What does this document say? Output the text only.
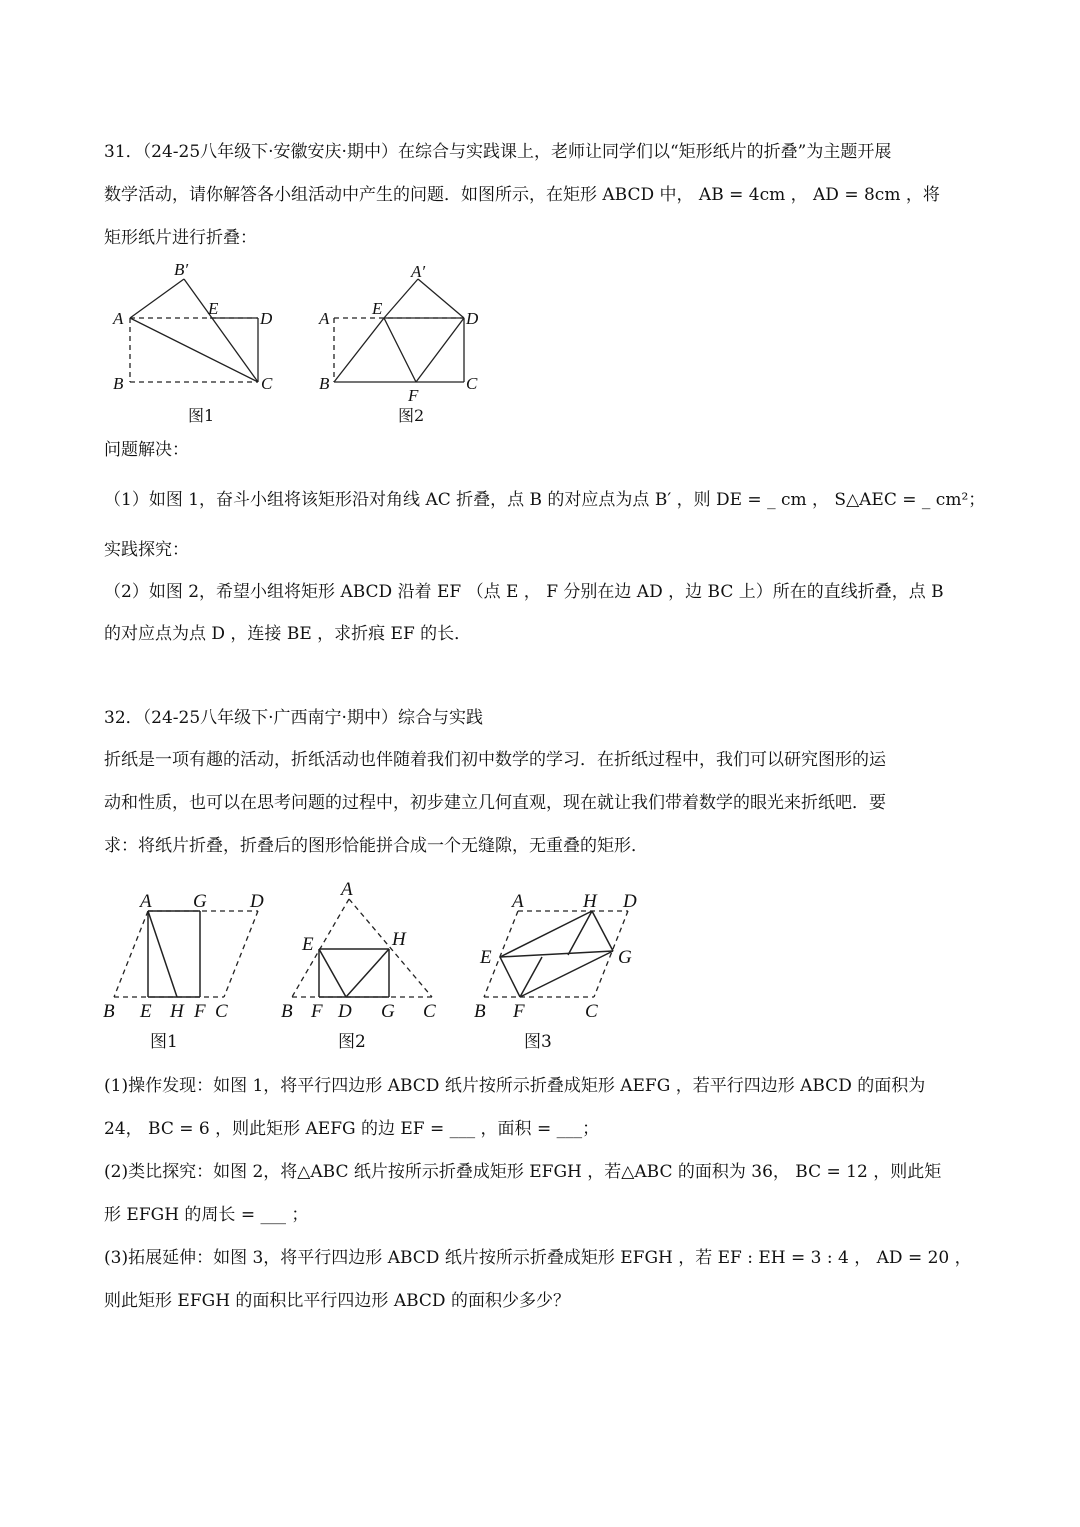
31．（24-25八年级下·安徽安庆·期中）在综合与实践课上，老师让同学们以“矩形纸片的折叠”为主题开展
数学活动，请你解答各小组活动中产生的问题．如图所示，在矩形 ABCD 中， AB = 4cm ， AD = 8cm ，将
矩形纸片进行折叠：
B′
A
E
D
B	C
图1
A′
A
E
D
B
F
C
图2
问题解决：
（1）如图 1，奋斗小组将该矩形沿对角线 AC 折叠，点 B 的对应点为点 B′ ，则 DE = _ cm ， S△AEC = _ cm²；
实践探究：
（2）如图 2，希望小组将矩形 ABCD 沿着 EF （点 E ， F 分别在边 AD ，边 BC 上）所在的直线折叠，点 B
的对应点为点 D ，连接 BE ，求折痕 EF 的长．
32．（24-25八年级下·广西南宁·期中）综合与实践
折纸是一项有趣的活动，折纸活动也伴随着我们初中数学的学习．在折纸过程中，我们可以研究图形的运
动和性质，也可以在思考问题的过程中，初步建立几何直观，现在就让我们带着数学的眼光来折纸吧．要
求：将纸片折叠，折叠后的图形恰能拼合成一个无缝隙，无重叠的矩形．
A G D
B E H F C
图1
A
E	H
B F D G C
图2
A	H D
E	G
B F	C
图3
(1)操作发现：如图 1，将平行四边形 ABCD 纸片按所示折叠成矩形 AEFG ，若平行四边形 ABCD 的面积为
24， BC = 6 ，则此矩形 AEFG 的边 EF = ___ ，面积 = ___；
(2)类比探究：如图 2，将△ABC 纸片按所示折叠成矩形 EFGH ，若△ABC 的面积为 36， BC = 12 ，则此矩
形 EFGH 的周长 = ___ ；
(3)拓展延伸：如图 3，将平行四边形 ABCD 纸片按所示折叠成矩形 EFGH ，若 EF : EH = 3 : 4 ， AD = 20 ，
则此矩形 EFGH 的面积比平行四边形 ABCD 的面积少多少？
